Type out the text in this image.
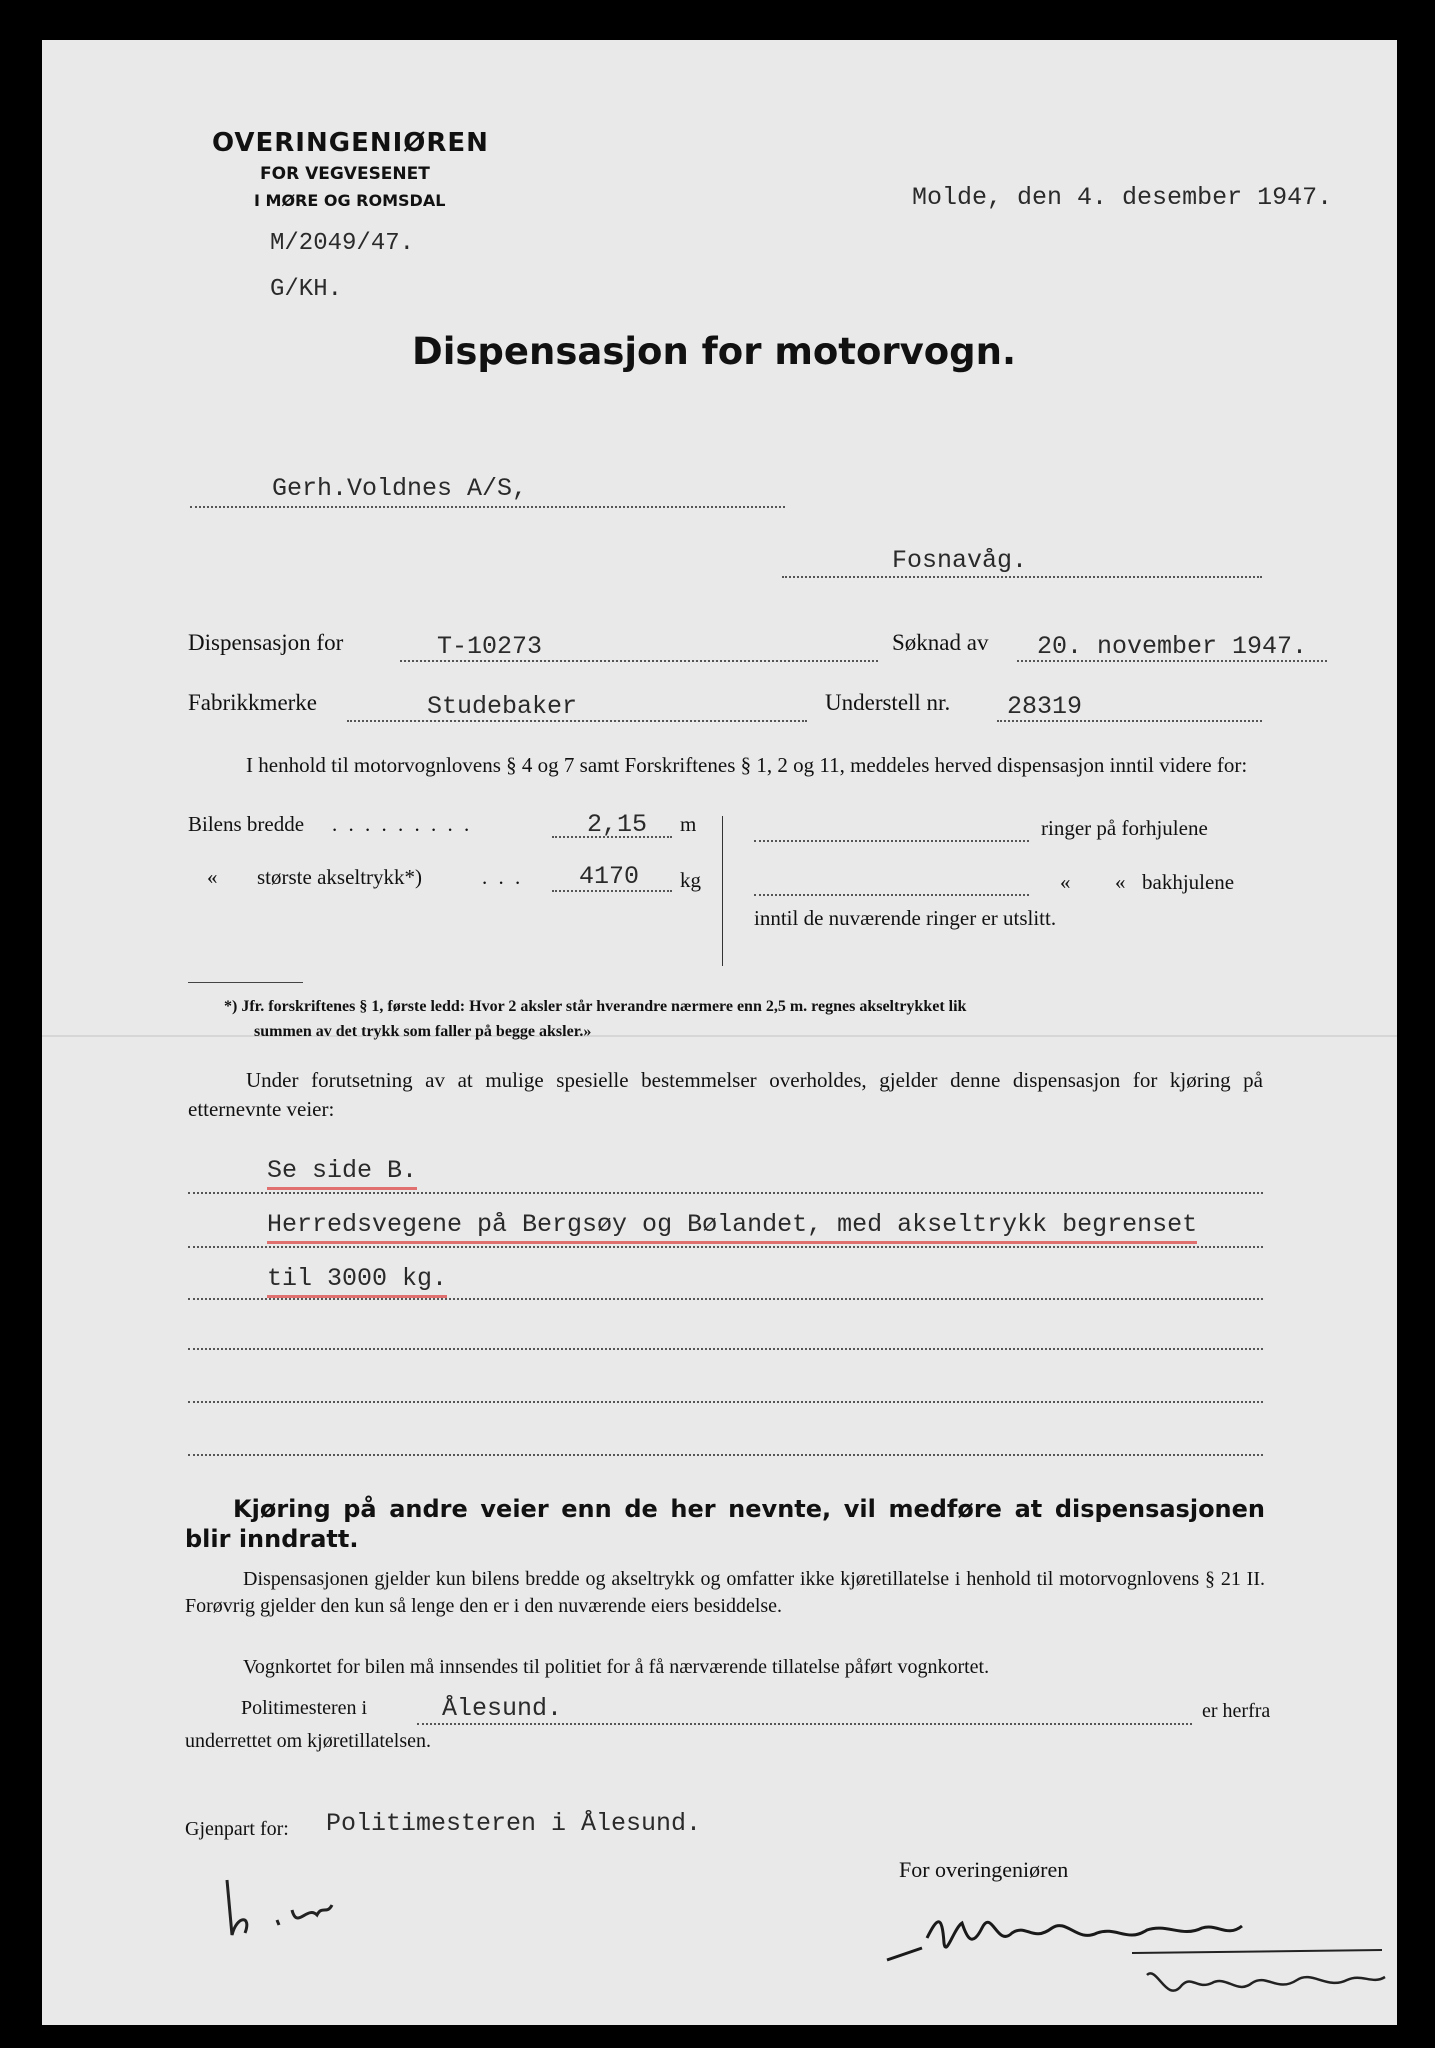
OVERINGENIØREN
FOR VEGVESENET
I MØRE OG ROMSDAL
M/2049/47.
G/KH.
Molde, den 4. desember 1947.
Dispensasjon for motorvogn.
Gerh.Voldnes A/S,
Fosnavåg.
Dispensasjon for	T-10273	Søknad av 20. november 1947.
Fabrikkmerke	Studebaker	Understell nr. 28319
I henhold til motorvognlovens § 4 og 7 samt Forskriftenes § 1, 2 og 11, meddeles herved dispensasjon inntil videre for:
Bilens bredde . . . . . . . . .	2,15 m
« største akseltrykk*)	. . . 4170 kg
ringer på forhjulene
« « bakhjulene
inntil de nuværende ringer er utslitt.
*) Jfr. forskriftenes § 1, første ledd: Hvor 2 aksler står hverandre nærmere enn 2,5 m. regnes akseltrykket lik
summen av det trykk som faller på begge aksler.»
Under forutsetning av at mulige spesielle bestemmelser overholdes, gjelder denne dispensasjon for kjøring på etternevnte veier:
Se side B.
Herredsvegene på Bergsøy og Bølandet, med akseltrykk begrenset
til 3000 kg.
Kjøring på andre veier enn de her nevnte, vil medføre at dispensasjonen blir inndratt.
Dispensasjonen gjelder kun bilens bredde og akseltrykk og omfatter ikke kjøretillatelse i henhold til motorvognlovens § 21 II. Forøvrig gjelder den kun så lenge den er i den nuværende eiers besiddelse.
Vognkortet for bilen må innsendes til politiet for å få nærværende tillatelse påført vognkortet.
Politimesteren i	Ålesund.	er herfra
underrettet om kjøretillatelsen.
Gjenpart for: Politimesteren i Ålesund.
For overingeniøren
